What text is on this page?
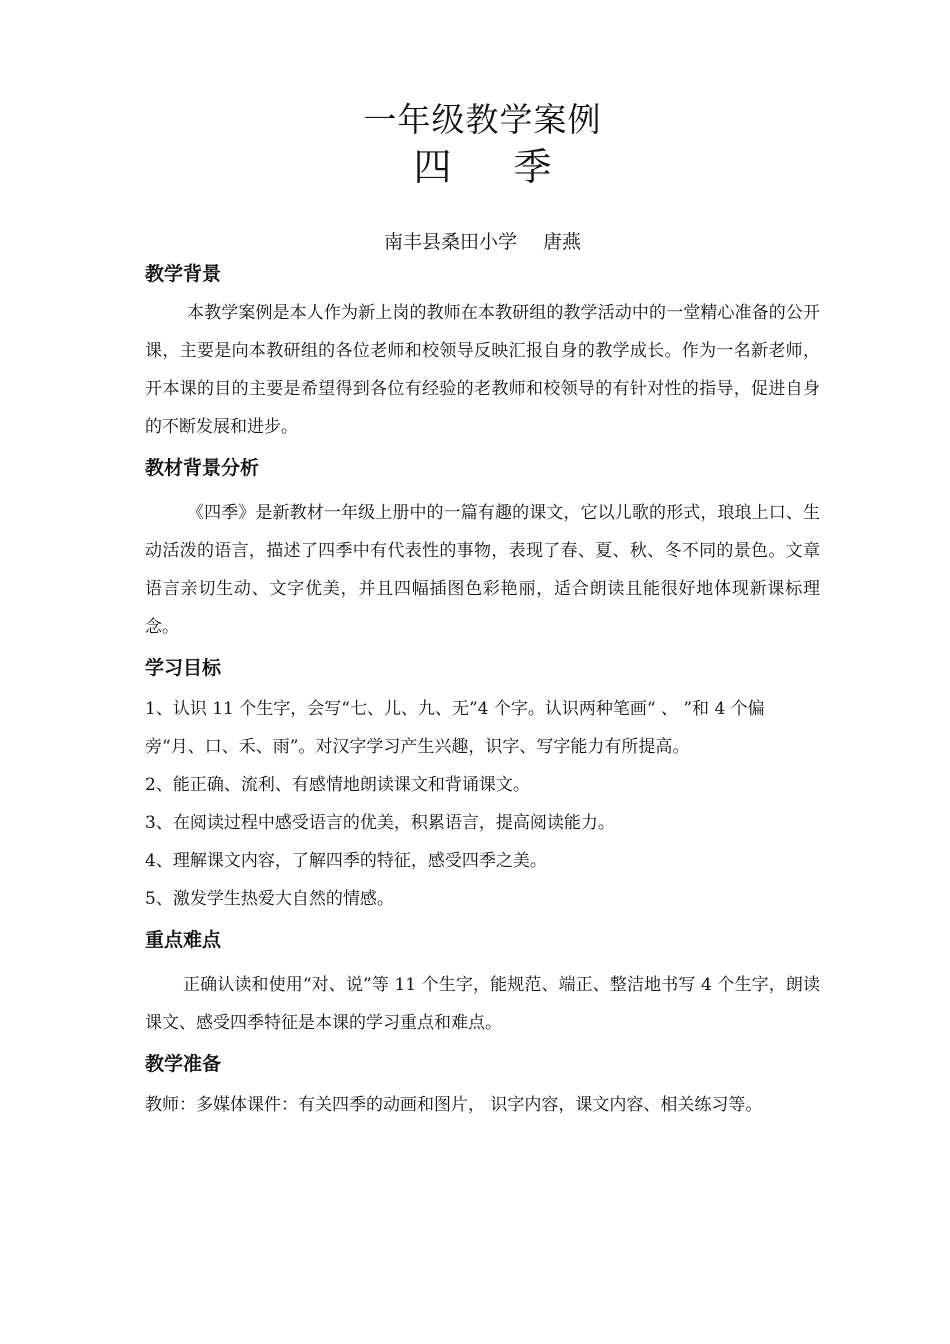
一年级教学案例
四 季
南丰县桑田小学 唐燕
教学背景

本教学案例是本人作为新上岗的教师在本教研组的教学活动中的一堂精心准备的公开课，主要是向本教研组的各位老师和校领导反映汇报自身的教学成长。作为一名新老师，开本课的目的主要是希望得到各位有经验的老教师和校领导的有针对性的指导，促进自身的不断发展和进步。

教材背景分析

《四季》是新教材一年级上册中的一篇有趣的课文，它以儿歌的形式，琅琅上口、生动活泼的语言，描述了四季中有代表性的事物，表现了春、夏、秋、冬不同的景色。文章语言亲切生动、文字优美，并且四幅插图色彩艳丽，适合朗读且能很好地体现新课标理念。

学习目标

1、认识 11 个生字，会写“七、儿、九、无”4 个字。认识两种笔画“ 、 ”和 4 个偏旁“月、口、禾、雨”。对汉字学习产生兴趣，识字、写字能力有所提高。

2、能正确、流利、有感情地朗读课文和背诵课文。

3、在阅读过程中感受语言的优美，积累语言，提高阅读能力。

4、理解课文内容，了解四季的特征，感受四季之美。

5、激发学生热爱大自然的情感。

重点难点

正确认读和使用“对、说”等 11 个生字，能规范、端正、整洁地书写 4 个生字，朗读课文、感受四季特征是本课的学习重点和难点。

教学准备

教师：多媒体课件：有关四季的动画和图片， 识字内容，课文内容、相关练习等。
